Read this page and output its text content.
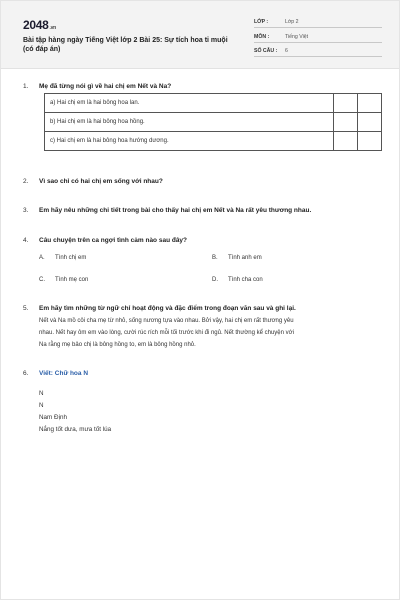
2048.vn
Bài tập hàng ngày Tiếng Việt lớp 2 Bài 25: Sự tích hoa tỉ muội (có đáp án)
LỚP :	Lớp 2
MÔN :	Tiếng Việt
SỐ CÂU : 6
1.	Mẹ đã từng nói gì về hai chị em Nết và Na?
a) Hai chị em là hai bông hoa lan.		
b) Hai chị em là hai bông hoa hồng.		
c) Hai chị em là hai bông hoa hướng dương.		
2.	Vì sao chỉ có hai chị em sống với nhau?
3.	Em hãy nêu những chi tiết trong bài cho thấy hai chị em Nết và Na rất yêu thương nhau.
4.	Câu chuyện trên ca ngợi tình cảm nào sau đây?
A. Tình chị em	B. Tình anh em
C. Tình mẹ con	D. Tình cha con
5.	Em hãy tìm những từ ngữ chỉ hoạt động và đặc điểm trong đoạn văn sau và ghi lại.
Nết và Na mồ côi cha mẹ từ nhỏ, sống nương tựa vào nhau. Bởi vậy, hai chị em rất thương yêu
nhau. Nết hay ôm em vào lòng, cười rúc rích mỗi tối trước khi đi ngủ. Nết thường kể chuyện với
Na rằng mẹ bảo chị là bông hồng to, em là bông hồng nhỏ.
6.	Viết: Chữ hoa N
N
N
Nam Định
Nắng tốt dưa, mưa tốt lúa
